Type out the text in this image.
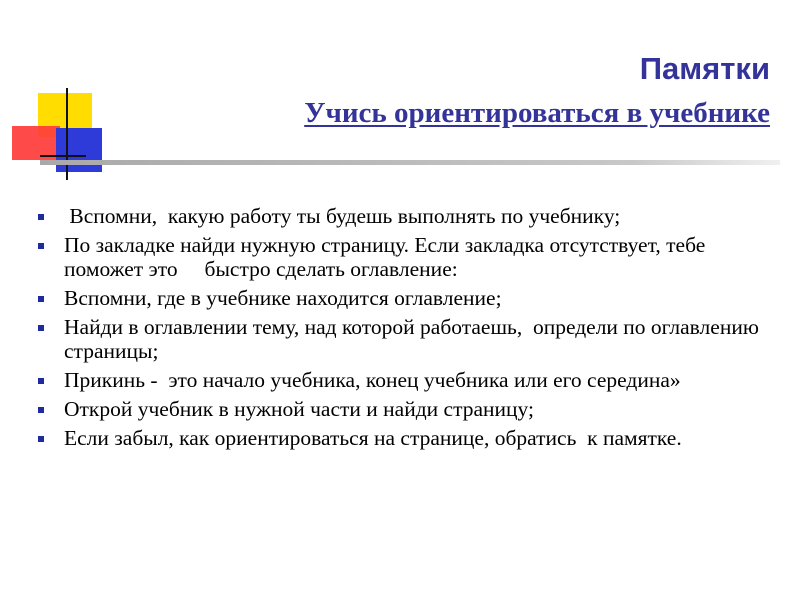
Памятки
Учись ориентироваться в учебнике
Вспомни,  какую работу ты будешь выполнять по учебнику;
По закладке найди нужную страницу. Если закладка отсутствует, тебе поможет это     быстро сделать оглавление:
Вспомни, где в учебнике находится оглавление;
Найди в оглавлении тему, над которой работаешь,  определи по оглавлению страницы;
Прикинь -  это начало учебника, конец учебника или его середина»
Открой учебник в нужной части и найди страницу;
Если забыл, как ориентироваться на странице, обратись  к памятке.
